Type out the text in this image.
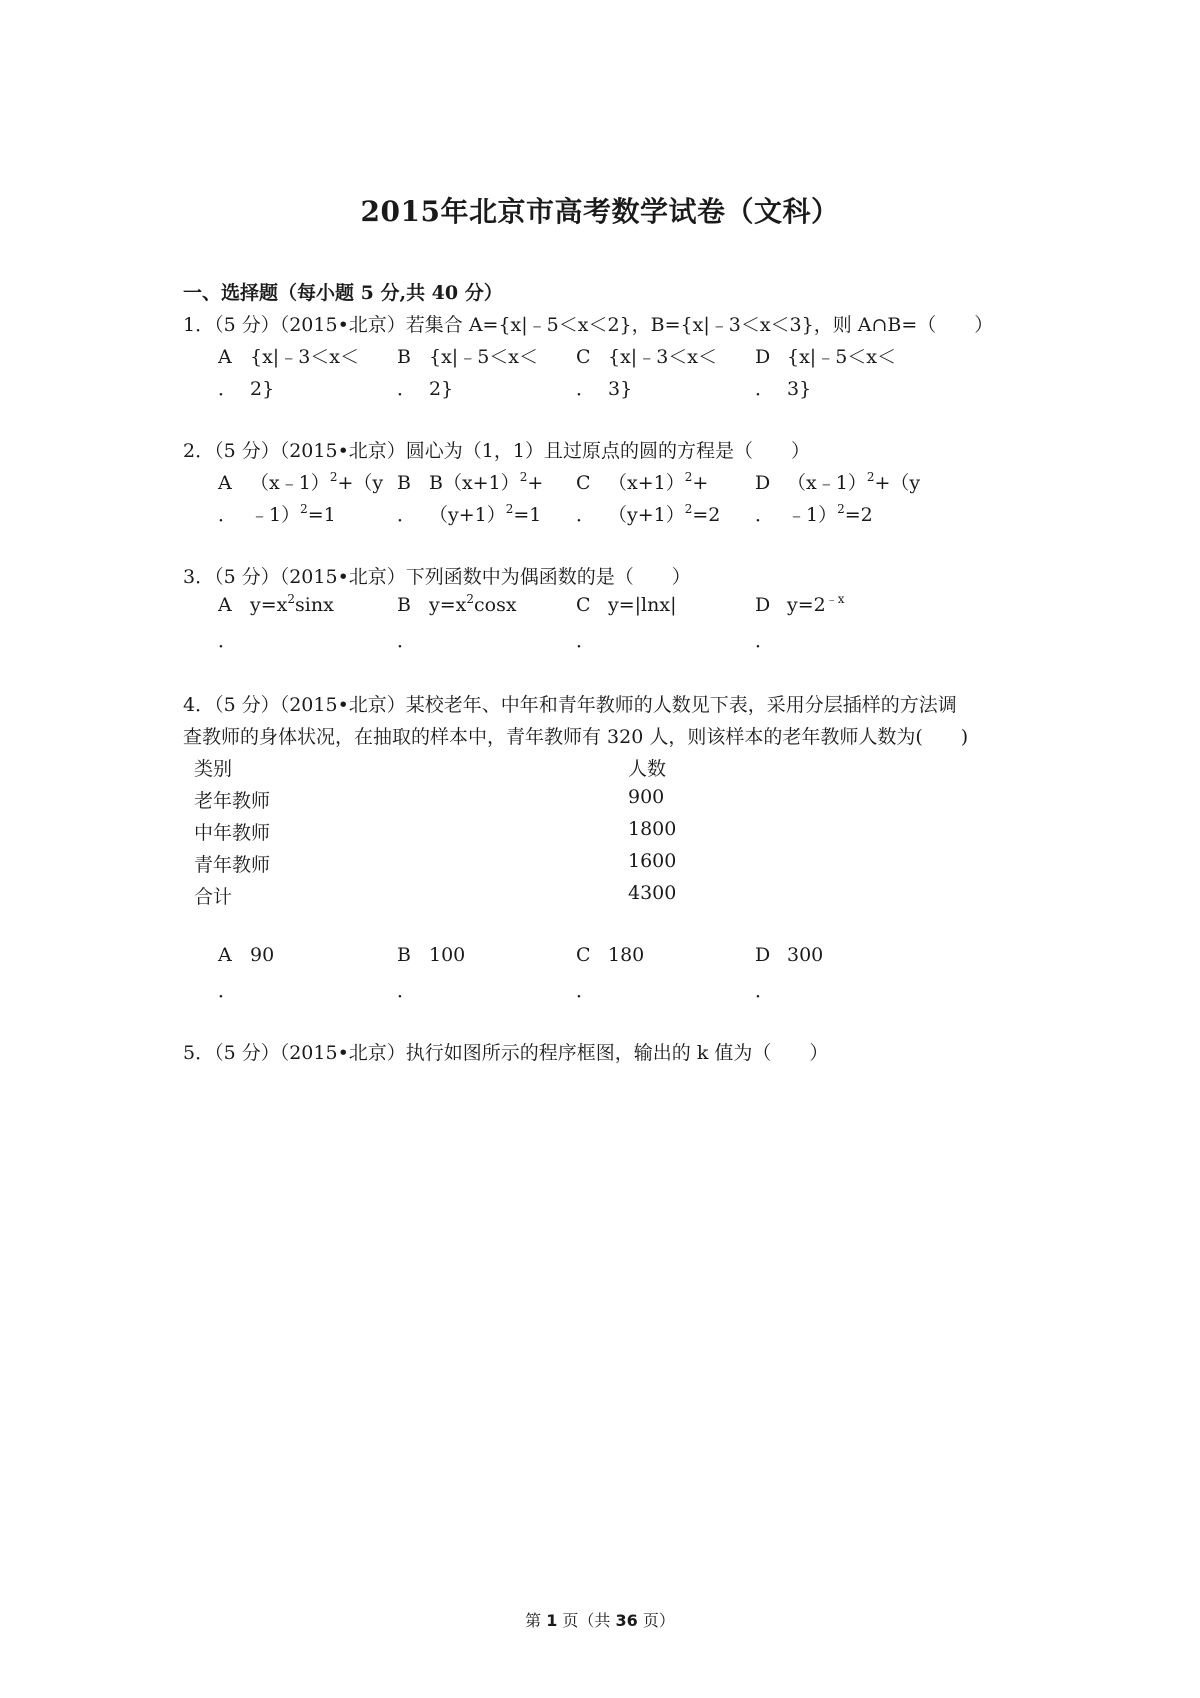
2015年北京市高考数学试卷（文科）
一、选择题（每小题 5 分,共 40 分）
1．（5 分）（2015•北京）若集合 A={x|﹣5＜x＜2}，B={x|﹣3＜x＜3}，则 A∩B=（　　）
A {x|﹣3＜x＜
． 2}
B {x|﹣5＜x＜
． 2}
C {x|﹣3＜x＜
． 3}
D {x|﹣5＜x＜
． 3}
2．（5 分）（2015•北京）圆心为（1，1）且过原点的圆的方程是（　　）
A （x﹣1）$^2$+（y
． ﹣1）$^2$=1
B $B(x+1)^2+$
． $(y+1)^2=1$
C $(x+1)^2+$
． $(y+1)^2=2$
D （x﹣1）$^2$+（y
． ﹣1）$^2$=2
3．（5 分）（2015•北京）下列函数中为偶函数的是（　　）
A $y=x^2\sin x$
．
B $y=x^2\cos x$
．
C y=|lnx|
．
D $y=2^{﹣x}$
．
4．（5 分）（2015•北京）某校老年、中年和青年教师的人数见下表，采用分层插样的方法调
查教师的身体状况，在抽取的样本中，青年教师有 320 人，则该样本的老年教师人数为(　　)
类别	人数
老年教师	900
中年教师	1800
青年教师	1600
合计	4300
A 90
．
B 100
．
C 180
．
D 300
．
5．（5 分）（2015•北京）执行如图所示的程序框图，输出的 k 值为（　　）
第 1 页（共 36 页）
